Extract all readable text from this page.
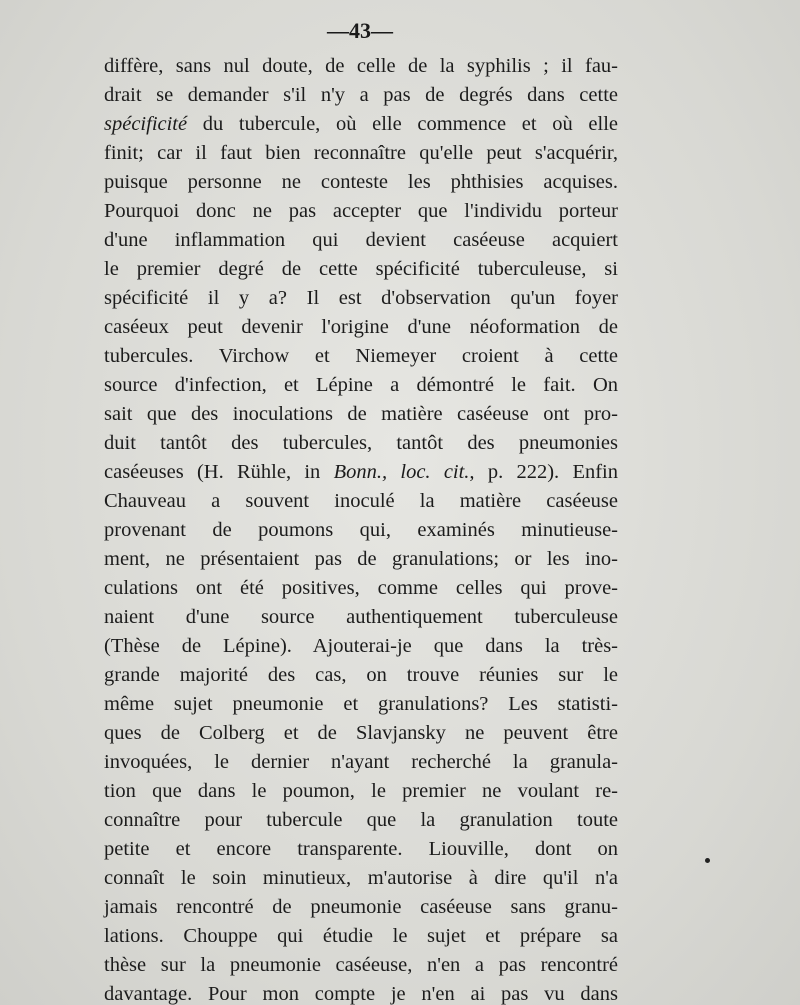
—43—
diffère, sans nul doute, de celle de la syphilis ; il fau-
drait se demander s'il n'y a pas de degrés dans cette
spécificité du tubercule, où elle commence et où elle
finit; car il faut bien reconnaître qu'elle peut s'acquérir,
puisque personne ne conteste les phthisies acquises.
Pourquoi donc ne pas accepter que l'individu porteur
d'une inflammation qui devient caséeuse acquiert
le premier degré de cette spécificité tuberculeuse, si
spécificité il y a? Il est d'observation qu'un foyer
caséeux peut devenir l'origine d'une néoformation de
tubercules. Virchow et Niemeyer croient à cette
source d'infection, et Lépine a démontré le fait. On
sait que des inoculations de matière caséeuse ont pro-
duit tantôt des tubercules, tantôt des pneumonies
caséeuses (H. Rühle, in Bonn., loc. cit., p. 222). Enfin
Chauveau a souvent inoculé la matière caséeuse
provenant de poumons qui, examinés minutieuse-
ment, ne présentaient pas de granulations; or les ino-
culations ont été positives, comme celles qui prove-
naient d'une source authentiquement tuberculeuse
(Thèse de Lépine). Ajouterai-je que dans la très-
grande majorité des cas, on trouve réunies sur le
même sujet pneumonie et granulations? Les statisti-
ques de Colberg et de Slavjansky ne peuvent être
invoquées, le dernier n'ayant recherché la granula-
tion que dans le poumon, le premier ne voulant re-
connaître pour tubercule que la granulation toute
petite et encore transparente. Liouville, dont on
connaît le soin minutieux, m'autorise à dire qu'il n'a
jamais rencontré de pneumonie caséeuse sans granu-
lations. Chouppe qui étudie le sujet et prépare sa
thèse sur la pneumonie caséeuse, n'en a pas rencontré
davantage. Pour mon compte je n'en ai pas vu dans
